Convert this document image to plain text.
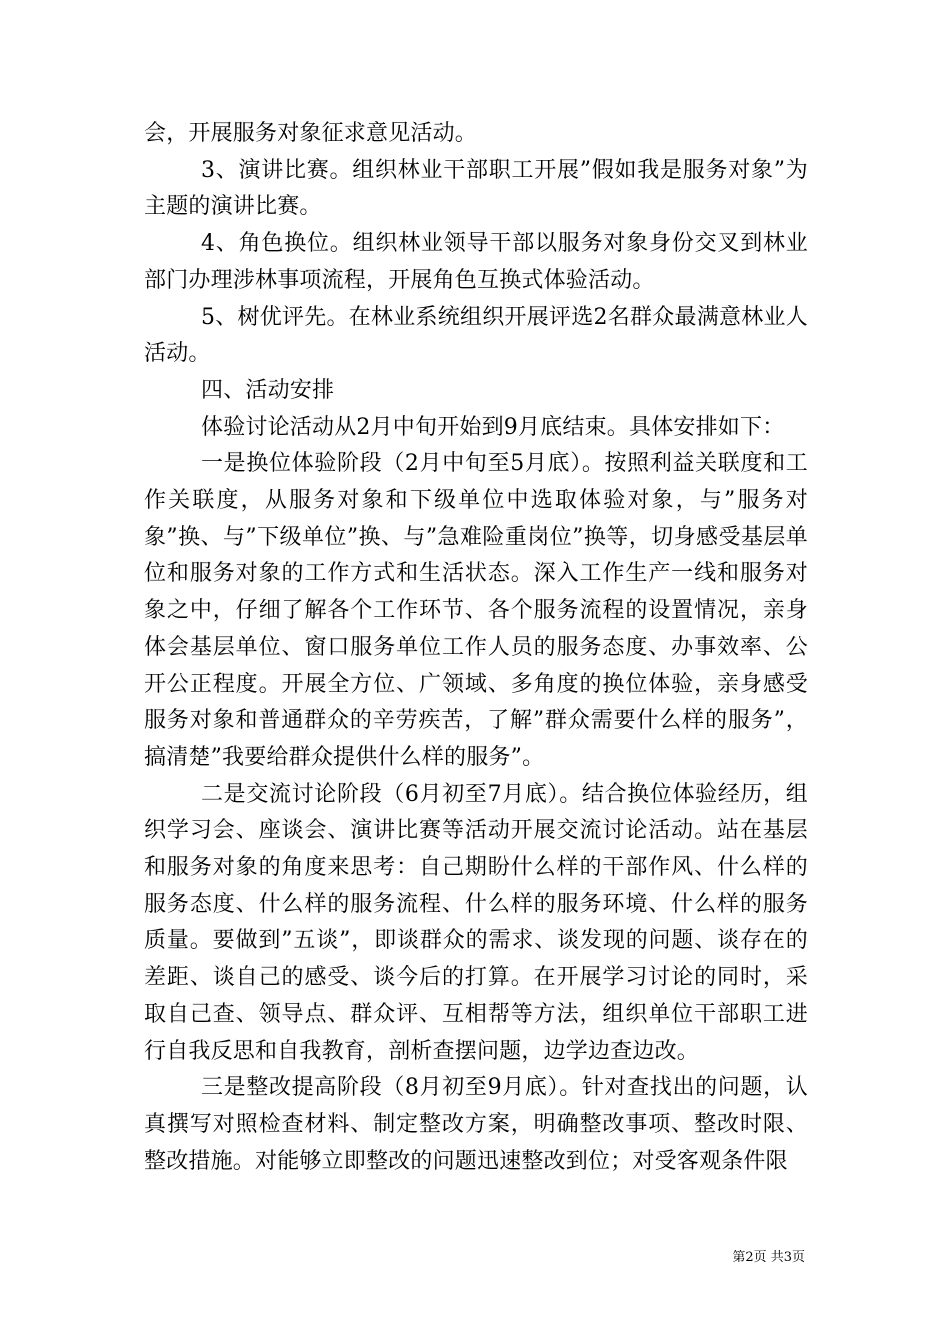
会，开展服务对象征求意见活动。

3、演讲比赛。组织林业干部职工开展”假如我是服务对象”为主题的演讲比赛。

4、角色换位。组织林业领导干部以服务对象身份交叉到林业部门办理涉林事项流程，开展角色互换式体验活动。

5、树优评先。在林业系统组织开展评选2名群众最满意林业人活动。

四、活动安排

体验讨论活动从2月中旬开始到9月底结束。具体安排如下：

一是换位体验阶段（2月中旬至5月底）。按照利益关联度和工作关联度，从服务对象和下级单位中选取体验对象，与”服务对象”换、与”下级单位”换、与”急难险重岗位”换等，切身感受基层单位和服务对象的工作方式和生活状态。深入工作生产一线和服务对象之中，仔细了解各个工作环节、各个服务流程的设置情况，亲身体会基层单位、窗口服务单位工作人员的服务态度、办事效率、公开公正程度。开展全方位、广领域、多角度的换位体验，亲身感受服务对象和普通群众的辛劳疾苦，了解”群众需要什么样的服务”，搞清楚”我要给群众提供什么样的服务”。

二是交流讨论阶段（6月初至7月底）。结合换位体验经历，组织学习会、座谈会、演讲比赛等活动开展交流讨论活动。站在基层和服务对象的角度来思考：自己期盼什么样的干部作风、什么样的服务态度、什么样的服务流程、什么样的服务环境、什么样的服务质量。要做到”五谈”，即谈群众的需求、谈发现的问题、谈存在的差距、谈自己的感受、谈今后的打算。在开展学习讨论的同时，采取自己查、领导点、群众评、互相帮等方法，组织单位干部职工进行自我反思和自我教育，剖析查摆问题，边学边查边改。

三是整改提高阶段（8月初至9月底）。针对查找出的问题，认真撰写对照检查材料、制定整改方案，明确整改事项、整改时限、整改措施。对能够立即整改的问题迅速整改到位；对受客观条件限

第2页 共3页
